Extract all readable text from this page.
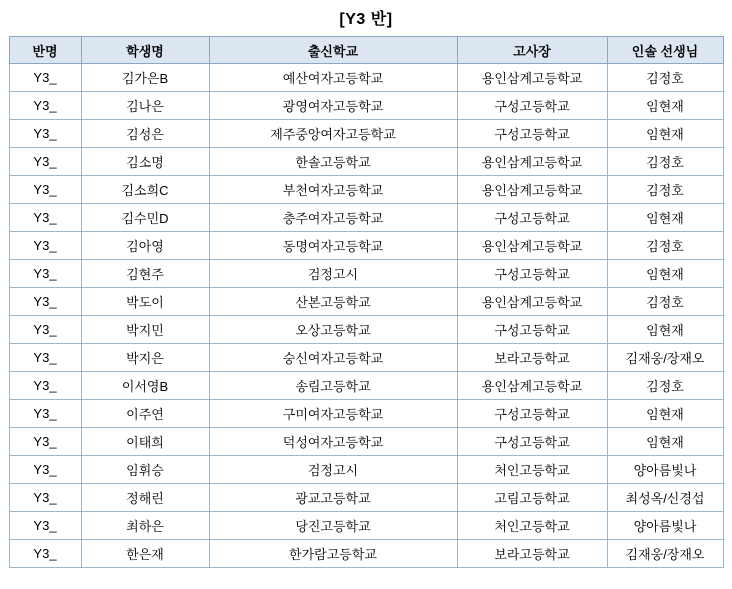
[Y3 반]
반명	학생명	출신학교	고사장	인솔 선생님
Y3_	김가은B	예산여자고등학교	용인삼계고등학교	김정호
Y3_	김나은	광영여자고등학교	구성고등학교	임현재
Y3_	김성은	제주중앙여자고등학교	구성고등학교	임현재
Y3_	김소명	한솔고등학교	용인삼계고등학교	김정호
Y3_	김소희C	부천여자고등학교	용인삼계고등학교	김정호
Y3_	김수민D	충주여자고등학교	구성고등학교	임현재
Y3_	김아영	동명여자고등학교	용인삼계고등학교	김정호
Y3_	김현주	검정고시	구성고등학교	임현재
Y3_	박도이	산본고등학교	용인삼계고등학교	김정호
Y3_	박지민	오상고등학교	구성고등학교	임현재
Y3_	박지은	숭신여자고등학교	보라고등학교	김재웅/장재오
Y3_	이서영B	송림고등학교	용인삼계고등학교	김정호
Y3_	이주연	구미여자고등학교	구성고등학교	임현재
Y3_	이태희	덕성여자고등학교	구성고등학교	임현재
Y3_	임휘승	검정고시	처인고등학교	양아름빛나
Y3_	정해린	광교고등학교	고림고등학교	최성옥/신경섭
Y3_	최하은	당진고등학교	처인고등학교	양아름빛나
Y3_	한은재	한가람고등학교	보라고등학교	김재웅/장재오
